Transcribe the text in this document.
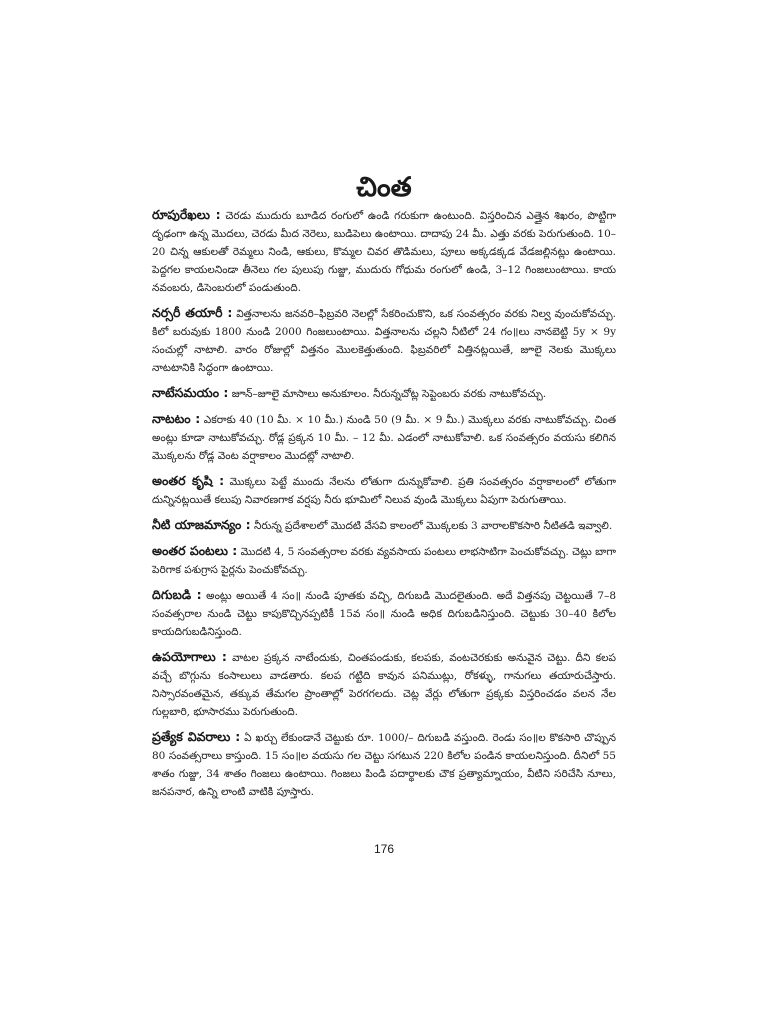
చింత

రూపురేఖలు : చెరడు ముదురు బూడిద రంగులో ఉండి గరుకుగా ఉంటుంది. విస్తరించిన ఎత్తైన శిఖరం, పొట్టిగా దృఢంగా ఉన్న మొదలు, చెరడు మీద నెరెలు, బుడిపెలు ఉంటాయి. దాదాపు 24 మీ. ఎత్తు వరకు పెరుగుతుంది. 10–20 చిన్న ఆకులతో రెమ్మలు నిండి, ఆకులు, కొమ్మల చివర తొడిమలు, పూలు అక్కడక్కడ వేడజల్లినట్లు ఉంటాయి. పెద్దగల కాయలనిండా తీనెలు గల పులుపు గుజ్జు, ముదురు గోధుమ రంగులో ఉండి, 3–12 గింజలుంటాయి. కాయ నవంబరు, డిసెంబరులో పండుతుంది.

నర్సరీ తయారీ : విత్తనాలను జనవరి–ఫిబ్రవరి నెలల్లో సేకరించుకొని, ఒక సంవత్సరం వరకు నిల్వ వుంచుకోవచ్చు. కిలో బరువుకు 1800 నుండి 2000 గింజలుంటాయి. విత్తనాలను చల్లని నీటిలో 24 గం॥లు నానబెట్టి 5y × 9y సంచుల్లో నాటాలి. వారం రోజుల్లో విత్తనం మొలకెత్తుతుంది. ఫిబ్రవరిలో విత్తినట్లయితే, జూలై నెలకు మొక్కలు నాటటానికి సిద్ధంగా ఉంటాయి.

నాటేసమయం : జూన్–జూలై మాసాలు అనుకూలం. నీరున్నచోట్ల సెప్టెంబరు వరకు నాటుకోవచ్చు.

నాటటం : ఎకరాకు 40 (10 మీ. × 10 మీ.) నుండి 50 (9 మీ. × 9 మీ.) మొక్కలు వరకు నాటుకోవచ్చు. చింత అంట్లు కూడా నాటుకోవచ్చు. రోడ్ల ప్రక్కన 10 మీ. – 12 మీ. ఎడంలో నాటుకోవాలి. ఒక సంవత్సరం వయసు కలిగిన మొక్కలను రోడ్ల వెంట వర్షాకాలం మొదట్లో నాటాలి.

అంతర కృషి : మొక్కలు పెట్టే ముందు నేలను లోతుగా దున్నుకోవాలి. ప్రతి సంవత్సరం వర్షాకాలంలో లోతుగా దున్నినట్లయితే కలుపు నివారణగాక వర్షపు నీరు భూమిలో నిలువ వుండి మొక్కలు ఏపుగా పెరుగుతాయి.

నీటి యాజమాన్యం : నీరున్న ప్రదేశాలలో మొదటి వేసవి కాలంలో మొక్కలకు 3 వారాలకొకసారి నీటితడి ఇవ్వాలి.

అంతర పంటలు : మొదటి 4, 5 సంవత్సరాల వరకు వ్యవసాయ పంటలు లాభసాటిగా పెంచుకోవచ్చు. చెట్లు బాగా పెరిగాక పశుగ్రాస పైర్లను పెంచుకోవచ్చు.

దిగుబడి : అంట్లు అయితే 4 సం॥ నుండి పూతకు వచ్చి, దిగుబడి మొదలైతుంది. అదే విత్తనపు చెట్టయితే 7–8 సంవత్సరాల నుండి చెట్టు కాపుకొచ్చినప్పటికీ 15వ సం॥ నుండి అధిక దిగుబడినిస్తుంది. చెట్టుకు 30–40 కిలోల కాయదిగుబడినిస్తుంది.

ఉపయోగాలు : వాటల ప్రక్కన నాటేందుకు, చింతపండుకు, కలపకు, వంటచెరకుకు అనువైన చెట్టు. దీని కలప వచ్చే బొగ్గును కంసాలులు వాడతారు. కలప గట్టిది కావున పనిముట్లు, రోకళ్ళు, గానుగలు తయారుచేస్తారు. నిస్సారవంతమైన, తక్కువ తేమగల ప్రాంతాల్లో పెరగగలదు. చెట్ల వేర్లు లోతుగా ప్రక్కకు విస్తరించడం వలన నేల గుల్లబారి, భూసారము పెరుగుతుంది.

ప్రత్యేక వివరాలు : ఏ ఖర్చు లేకుండానే చెట్టుకు రూ. 1000/– దిగుబడి వస్తుంది. రెండు సం॥ల కొకసారి చొప్పున 80 సంవత్సరాలు కాస్తుంది. 15 సం॥ల వయసు గల చెట్టు సగటున 220 కిలోల పండిన కాయలనిస్తుంది. దీనిలో 55 శాతం గుజ్జు, 34 శాతం గింజలు ఉంటాయి. గింజలు పిండి పదార్థాలకు చౌక ప్రత్యామ్నాయం, వీటిని సరిచేసి నూలు, జనపనార, ఉన్ని లాంటి వాటికి పూస్తారు.

176
